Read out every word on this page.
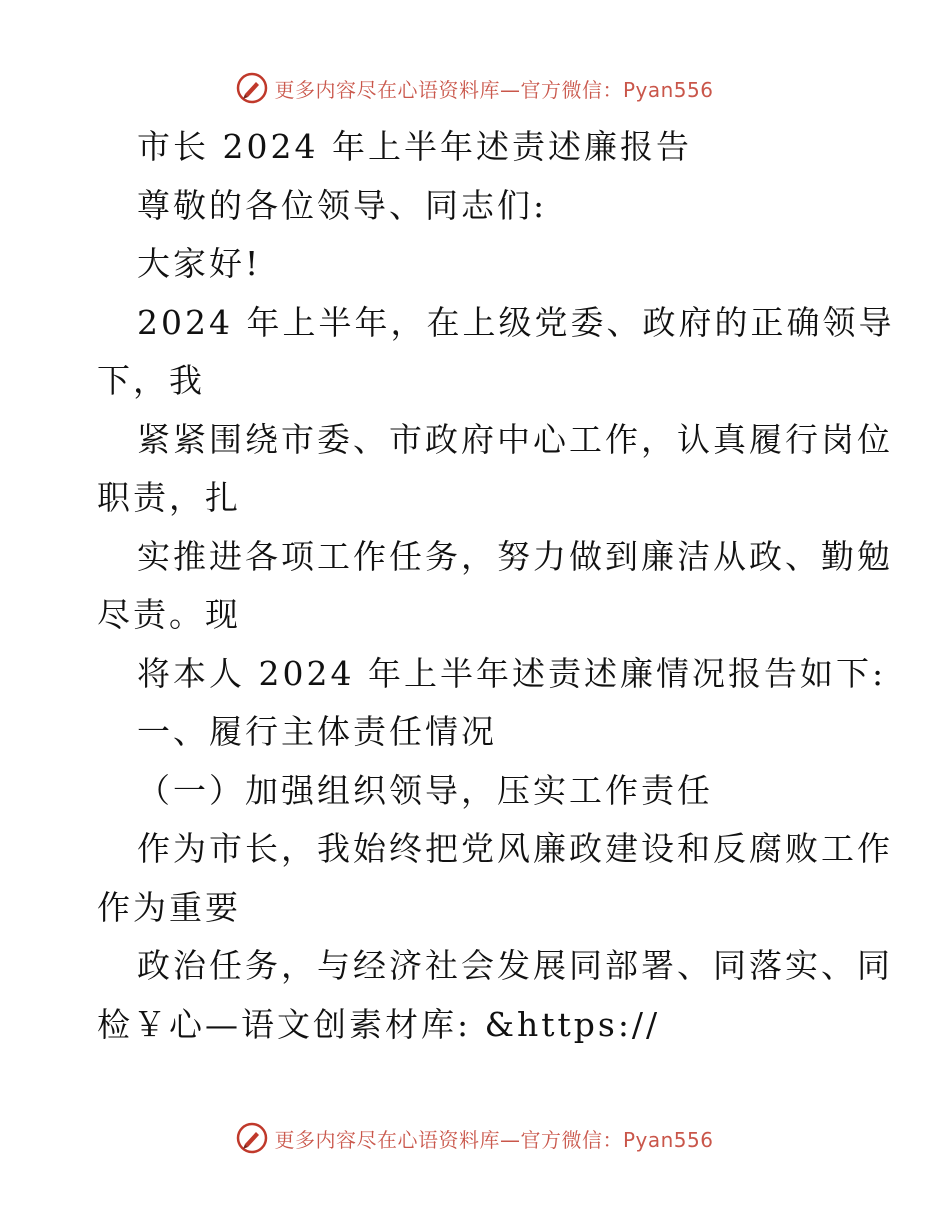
更多内容尽在心语资料库—官方微信：Pyan556
市长 2024 年上半年述责述廉报告
尊敬的各位领导、同志们:
大家好!
2024 年上半年，在上级党委、政府的正确领导
下，我
紧紧围绕市委、市政府中心工作，认真履行岗位
职责，扎
实推进各项工作任务，努力做到廉洁从政、勤勉
尽责。现
将本人 2024 年上半年述责述廉情况报告如下:
一、履行主体责任情况
（一）加强组织领导，压实工作责任
作为市长，我始终把党风廉政建设和反腐败工作
作为重要
政治任务，与经济社会发展同部署、同落实、同
检￥心—语文创素材库: &https://
更多内容尽在心语资料库—官方微信：Pyan556
